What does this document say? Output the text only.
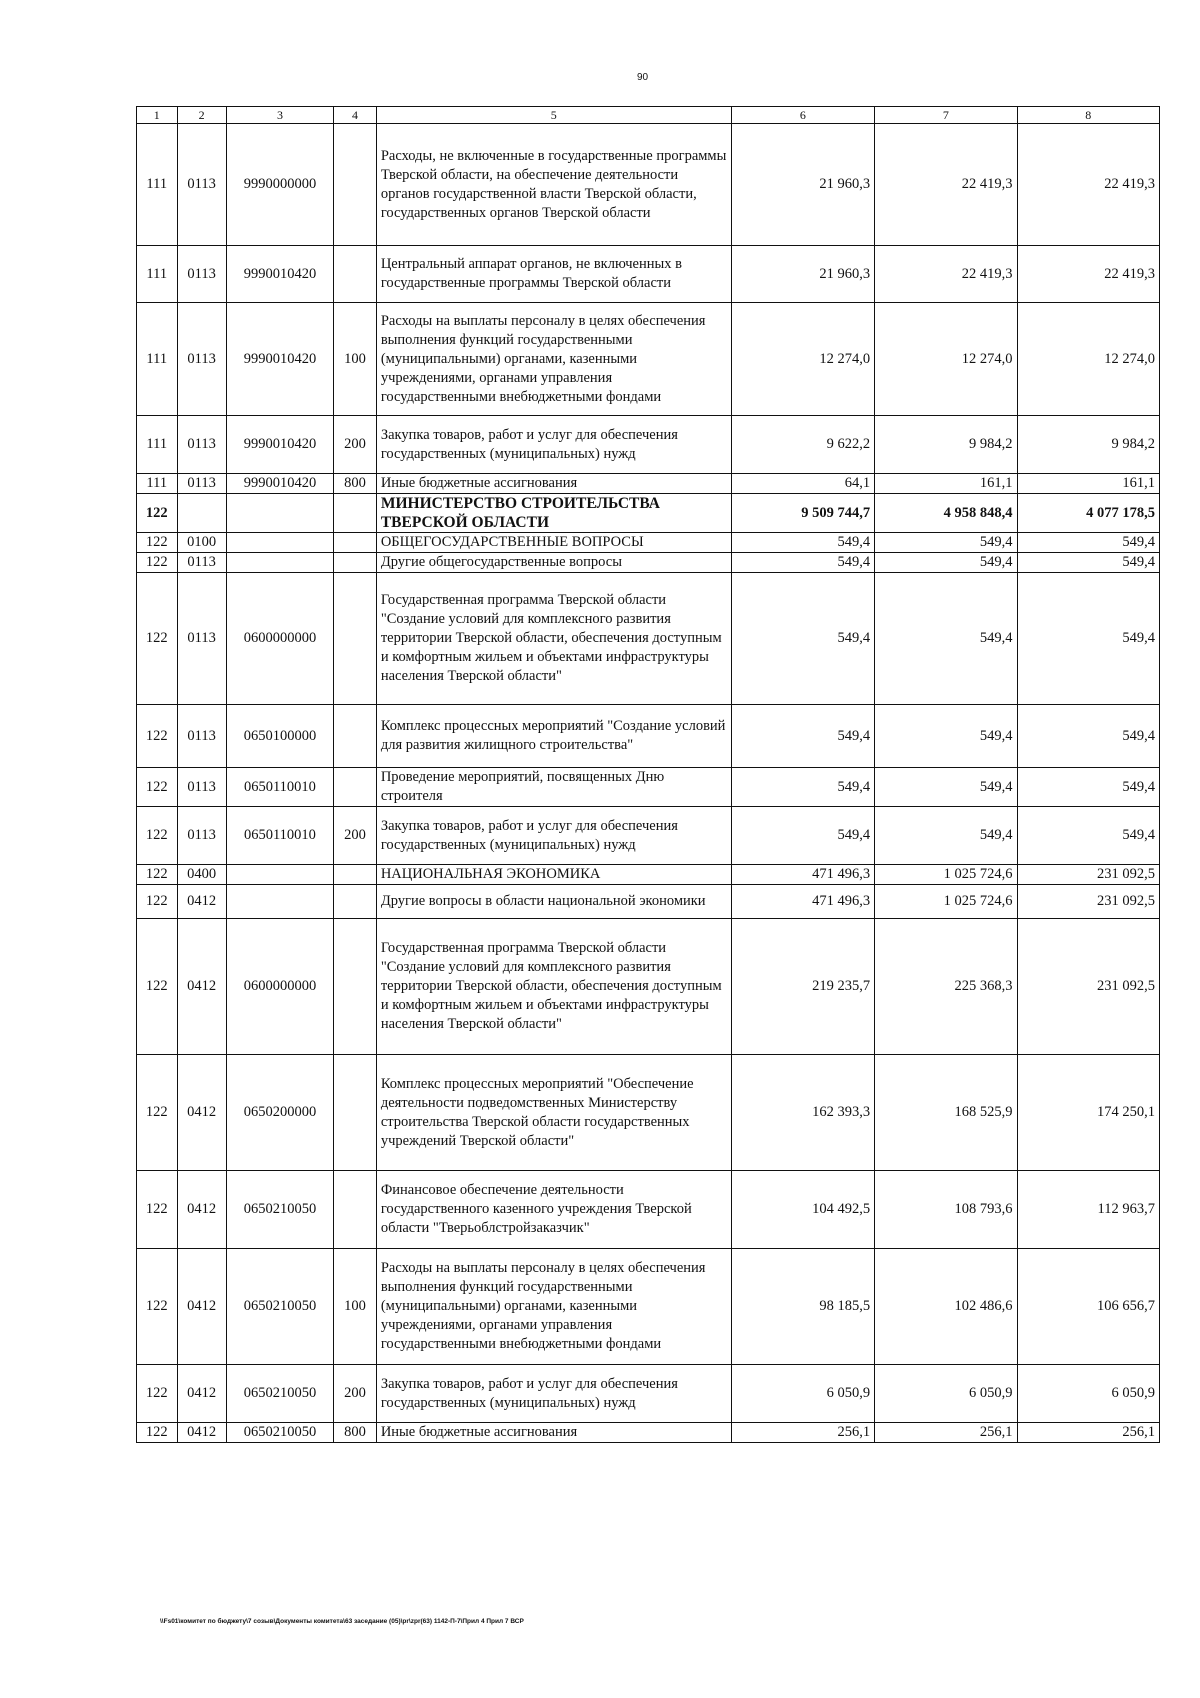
90
1	2	3	4	5	6	7	8
111	0113	9990000000		Расходы, не включенные в государственные программы Тверской области, на обеспечение деятельности органов государственной власти Тверской области, государственных органов Тверской области	21 960,3	22 419,3	22 419,3
111	0113	9990010420		Центральный аппарат органов, не включенных в государственные программы Тверской области	21 960,3	22 419,3	22 419,3
111	0113	9990010420	100	Расходы на выплаты персоналу в целях обеспечения выполнения функций государственными (муниципальными) органами, казенными учреждениями, органами управления государственными внебюджетными фондами	12 274,0	12 274,0	12 274,0
111	0113	9990010420	200	Закупка товаров, работ и услуг для обеспечения государственных (муниципальных) нужд	9 622,2	9 984,2	9 984,2
111	0113	9990010420	800	Иные бюджетные ассигнования	64,1	161,1	161,1
122				МИНИСТЕРСТВО СТРОИТЕЛЬСТВА ТВЕРСКОЙ ОБЛАСТИ	9 509 744,7	4 958 848,4	4 077 178,5
122	0100			ОБЩЕГОСУДАРСТВЕННЫЕ ВОПРОСЫ	549,4	549,4	549,4
122	0113			Другие общегосударственные вопросы	549,4	549,4	549,4
122	0113	0600000000		Государственная программа Тверской области "Создание условий для комплексного развития территории Тверской области, обеспечения доступным и комфортным жильем и объектами инфраструктуры населения Тверской области"	549,4	549,4	549,4
122	0113	0650100000		Комплекс процессных мероприятий "Создание условий для развития жилищного строительства"	549,4	549,4	549,4
122	0113	0650110010		Проведение мероприятий, посвященных Дню строителя	549,4	549,4	549,4
122	0113	0650110010	200	Закупка товаров, работ и услуг для обеспечения государственных (муниципальных) нужд	549,4	549,4	549,4
122	0400			НАЦИОНАЛЬНАЯ ЭКОНОМИКА	471 496,3	1 025 724,6	231 092,5
122	0412			Другие вопросы в области национальной экономики	471 496,3	1 025 724,6	231 092,5
122	0412	0600000000		Государственная программа Тверской области "Создание условий для комплексного развития территории Тверской области, обеспечения доступным и комфортным жильем и объектами инфраструктуры населения Тверской области"	219 235,7	225 368,3	231 092,5
122	0412	0650200000		Комплекс процессных мероприятий "Обеспечение деятельности подведомственных Министерству строительства Тверской области государственных учреждений Тверской области"	162 393,3	168 525,9	174 250,1
122	0412	0650210050		Финансовое обеспечение деятельности государственного казенного учреждения Тверской области "Тверьоблстройзаказчик"	104 492,5	108 793,6	112 963,7
122	0412	0650210050	100	Расходы на выплаты персоналу в целях обеспечения выполнения функций государственными (муниципальными) органами, казенными учреждениями, органами управления государственными внебюджетными фондами	98 185,5	102 486,6	106 656,7
122	0412	0650210050	200	Закупка товаров, работ и услуг для обеспечения государственных (муниципальных) нужд	6 050,9	6 050,9	6 050,9
122	0412	0650210050	800	Иные бюджетные ассигнования	256,1	256,1	256,1
\\Fs01\комитет по бюджету\7 созыв\Документы комитета\63 заседание (05)\pr\zpr(63) 1142-П-7\Прил 4 Прил 7 ВСР
